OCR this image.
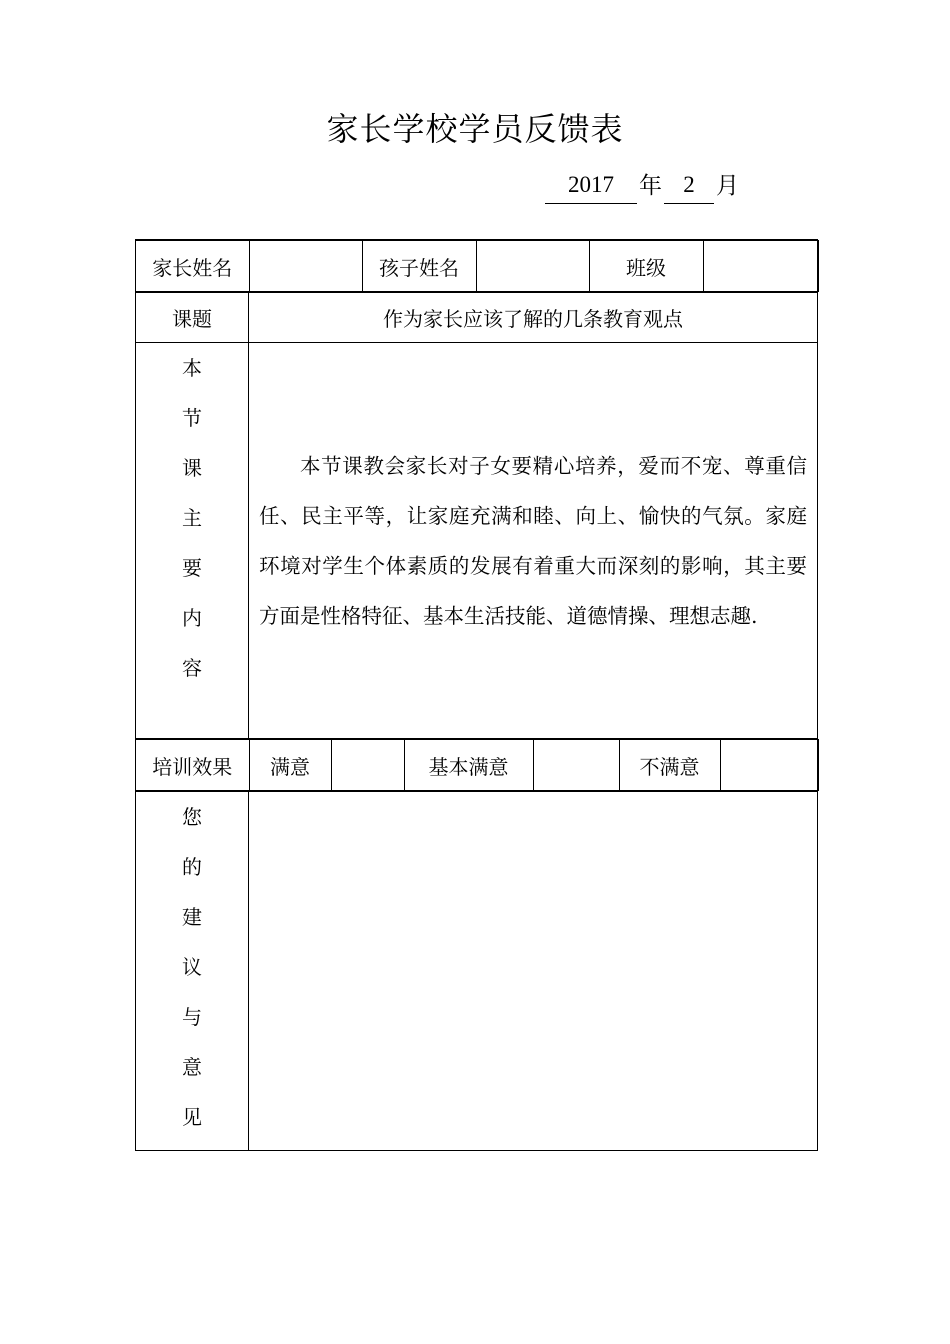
家长学校学员反馈表
2017	年 2 月
家长姓名		孩子姓名		班级	

课题	作为家长应该了解的几条教育观点

本
节
课
主
要
内
容

本节课教会家长对子女要精心培养，爱而不宠、尊重信任、民主平等，让家庭充满和睦、向上、愉快的气氛。家庭环境对学生个体素质的发展有着重大而深刻的影响，其主要方面是性格特征、基本生活技能、道德情操、理想志趣.

培训效果	满意		基本满意		不满意	

您
的
建
议
与
意
见
